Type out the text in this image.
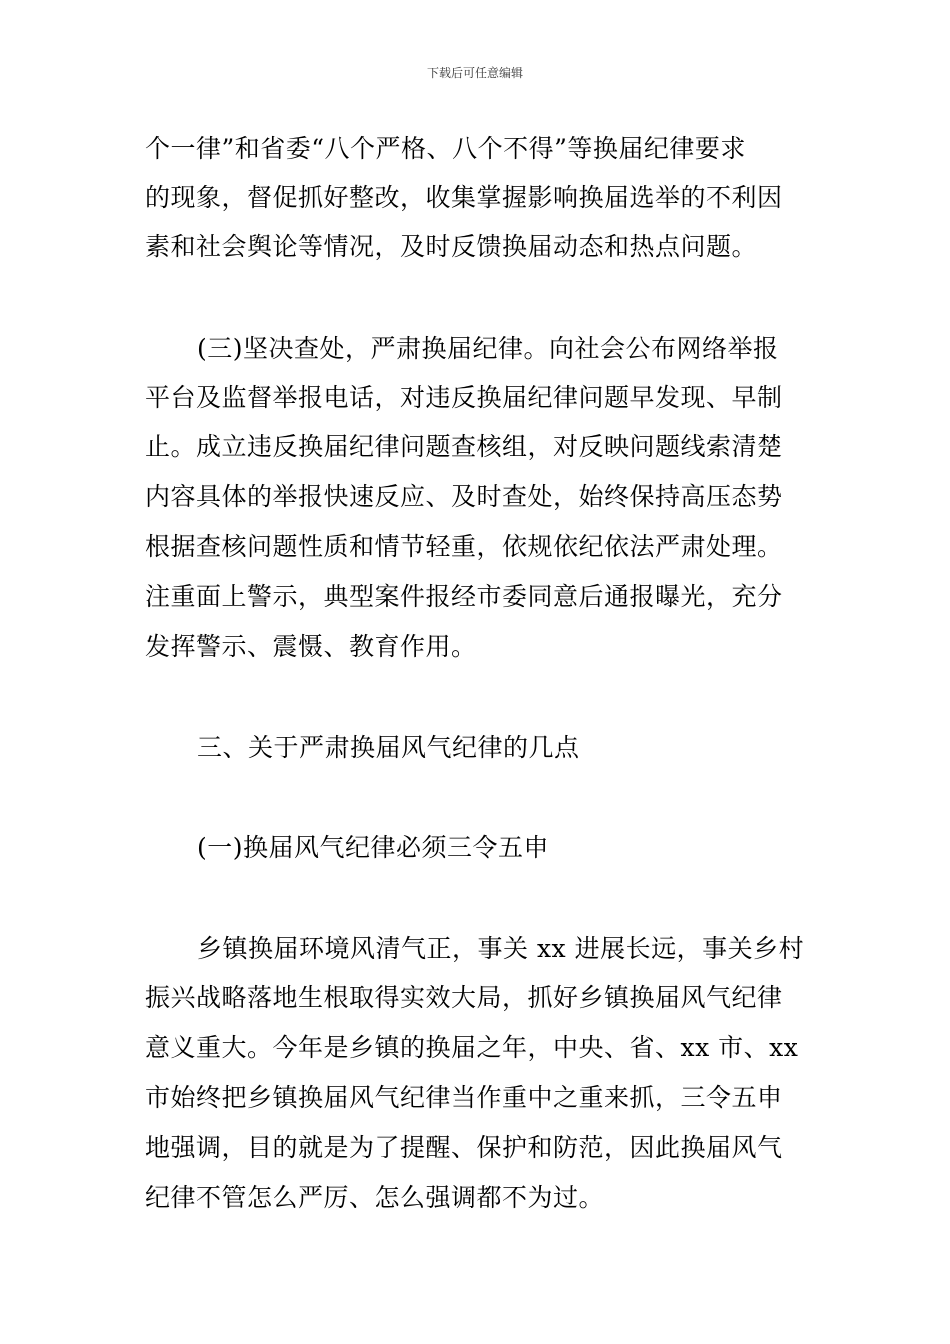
下载后可任意编辑
个一律”和省委“八个严格、八个不得”等换届纪律要求
的现象，督促抓好整改，收集掌握影响换届选举的不利因
素和社会舆论等情况，及时反馈换届动态和热点问题。
(三)坚决查处，严肃换届纪律。向社会公布网络举报
平台及监督举报电话，对违反换届纪律问题早发现、早制
止。成立违反换届纪律问题查核组，对反映问题线索清楚
内容具体的举报快速反应、及时查处，始终保持高压态势
根据查核问题性质和情节轻重，依规依纪依法严肃处理。
注重面上警示，典型案件报经市委同意后通报曝光，充分
发挥警示、震慑、教育作用。
三、关于严肃换届风气纪律的几点
(一)换届风气纪律必须三令五申
乡镇换届环境风清气正，事关 xx 进展长远，事关乡村
振兴战略落地生根取得实效大局，抓好乡镇换届风气纪律
意义重大。今年是乡镇的换届之年，中央、省、xx 市、xx
市始终把乡镇换届风气纪律当作重中之重来抓，三令五申
地强调，目的就是为了提醒、保护和防范，因此换届风气
纪律不管怎么严厉、怎么强调都不为过。
